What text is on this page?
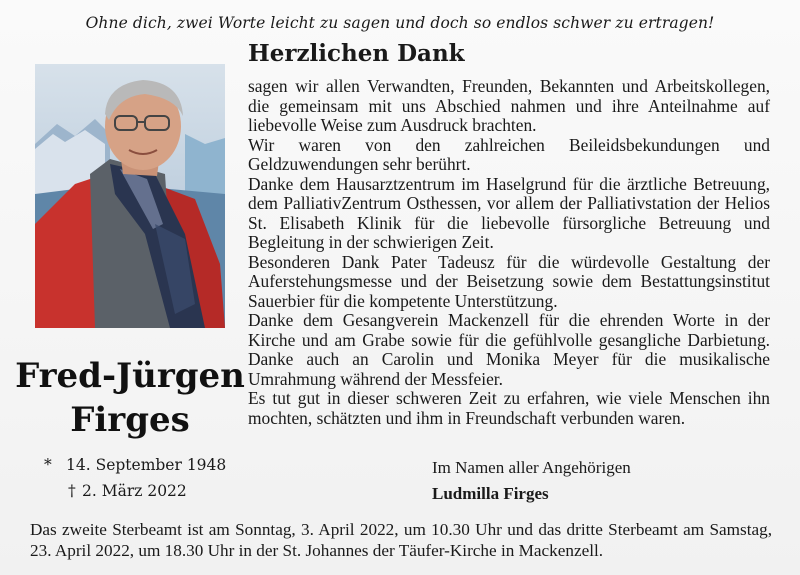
Ohne dich, zwei Worte leicht zu sagen und doch so endlos schwer zu ertragen!
Fred-Jürgen
Firges
* 14. September 1948
† 2. März 2022
Herzlichen Dank

sagen wir allen Verwandten, Freunden, Bekannten und Arbeitskollegen, die gemeinsam mit uns Abschied nahmen und ihre Anteilnahme auf liebevolle Weise zum Ausdruck brachten.

Wir waren von den zahlreichen Beileidsbekundungen und Geldzuwendungen sehr berührt.

Danke dem Hausarztzentrum im Haselgrund für die ärztliche Betreuung, dem PalliativZentrum Osthessen, vor allem der Palliativstation der Helios St. Elisabeth Klinik für die liebevolle fürsorgliche Betreuung und Begleitung in der schwierigen Zeit.

Besonderen Dank Pater Tadeusz für die würdevolle Gestaltung der Auferstehungsmesse und der Beisetzung sowie dem Bestattungsinstitut Sauerbier für die kompetente Unterstützung.

Danke dem Gesangverein Mackenzell für die ehrenden Worte in der Kirche und am Grabe sowie für die gefühlvolle gesangliche Darbietung. Danke auch an Carolin und Monika Meyer für die musikalische Umrahmung während der Messfeier.

Es tut gut in dieser schweren Zeit zu erfahren, wie viele Menschen ihn mochten, schätzten und ihm in Freundschaft verbunden waren.

Im Namen aller Angehörigen
Ludmilla Firges
Das zweite Sterbeamt ist am Sonntag, 3. April 2022, um 10.30 Uhr und das dritte Sterbeamt am Samstag, 23. April 2022, um 18.30 Uhr in der St. Johannes der Täufer-Kirche in Mackenzell.
